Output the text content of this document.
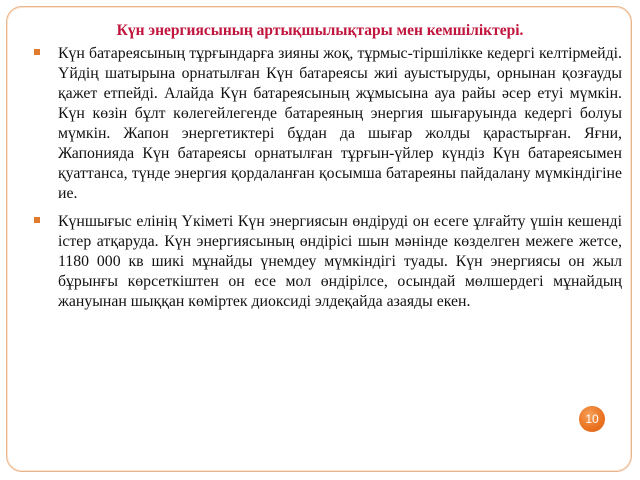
Күн энергиясының артықшылықтары мен кемшіліктері.

Күн батареясының тұрғындарға зияны жоқ, тұрмыс-тіршілікке кедергі келтірмейді. Үйдің шатырына орнатылған Күн батареясы жиі ауыстыруды, орнынан қозғауды қажет етпейді. Алайда Күн батареясының жұмысына ауа райы әсер етуі мүмкін. Күн көзін бұлт көлегейлегенде батареяның энергия шығаруында кедергі болуы мүмкін. Жапон энергетиктері бұдан да шығар жолды қарастырған. Яғни, Жапонияда Күн батареясы орнатылған тұрғын-үйлер күндіз Күн батареясымен қуаттанса, түнде энергия қордаланған қосымша батареяны пайдалану мүмкіндігіне ие.

Күншығыс елінің Үкіметі Күн энергиясын өндіруді он есеге ұлғайту үшін кешенді істер атқаруда. Күн энергиясының өндірісі шын мәнінде көзделген межеге жетсе, 1180 000 кв шикі мұнайды үнемдеу мүмкіндігі туады. Күн энергиясы он жыл бұрынғы көрсеткіштен он есе мол өндірілсе, осындай мөлшердегі мұнайдың жануынан шыққан көміртек диоксиді элдеқайда азаяды екен.

10
